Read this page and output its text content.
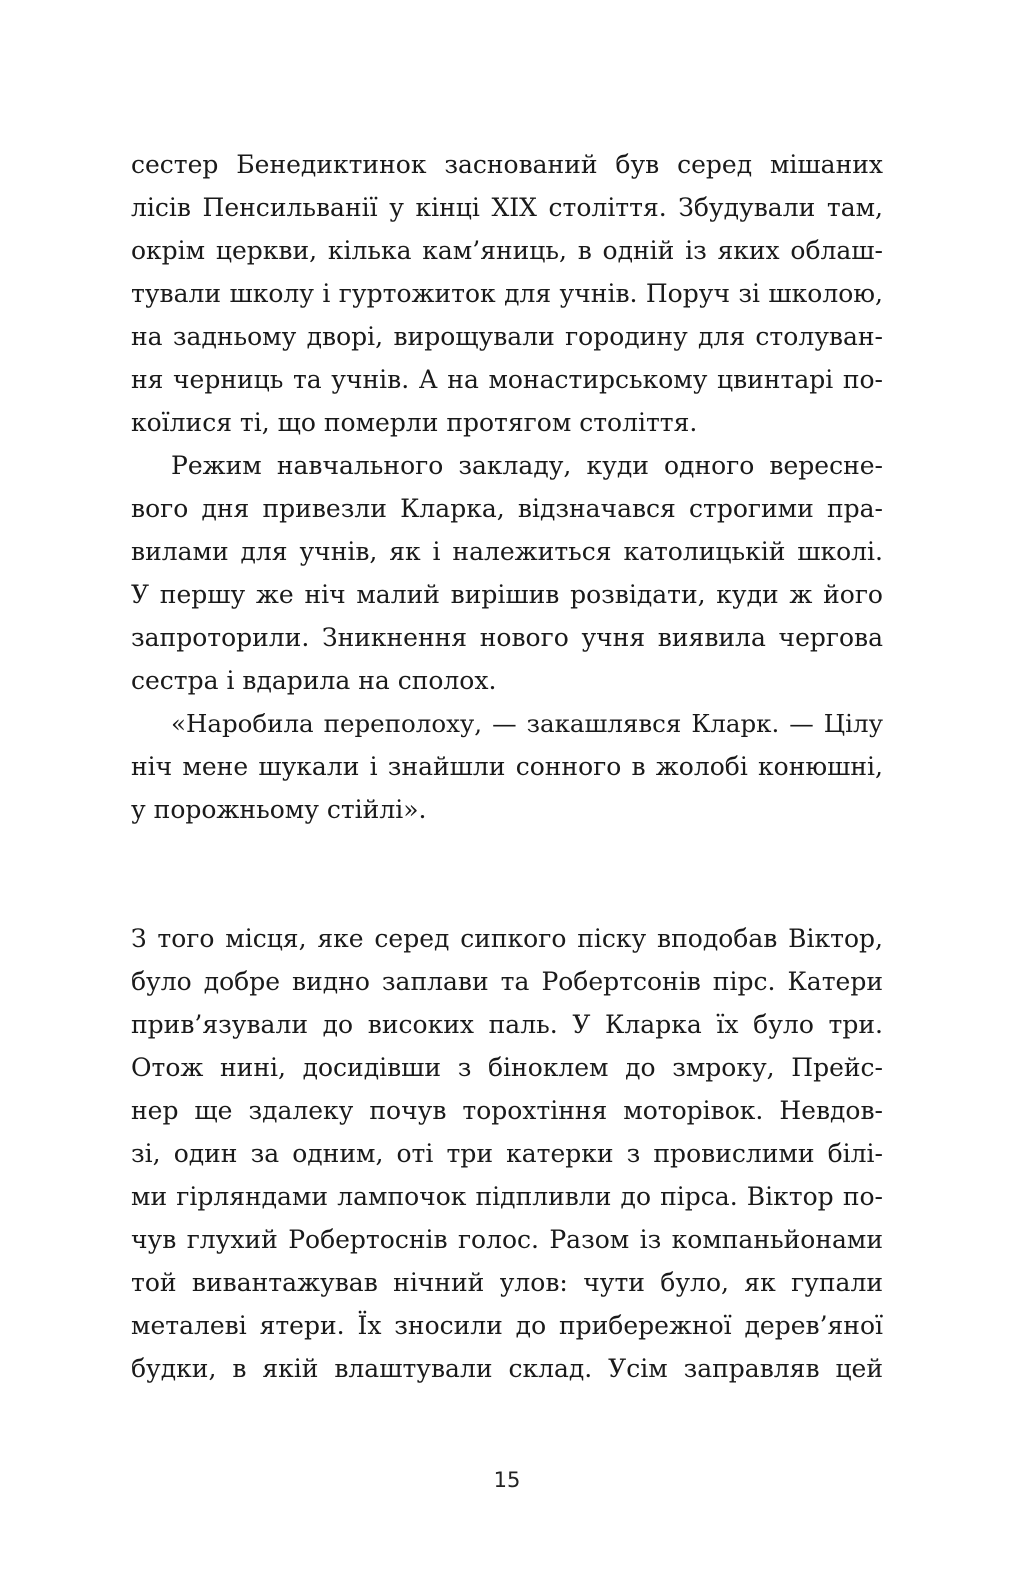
сестер Бенедиктинок заснований був серед мішаних
лісів Пенсильванії у кінці XIX століття. Збудували там,
окрім церкви, кілька кам’яниць, в одній із яких облаш-
тували школу і гуртожиток для учнів. Поруч зі школою,
на задньому дворі, вирощували городину для столуван-
ня черниць та учнів. А на монастирському цвинтарі по-
коїлися ті, що померли протягом століття.
Режим навчального закладу, куди одного вересне-
вого дня привезли Кларка, відзначався строгими пра-
вилами для учнів, як і належиться католицькій школі.
У першу же ніч малий вирішив розвідати, куди ж його
запроторили. Зникнення нового учня виявила чергова
сестра і вдарила на сполох.
«Наробила переполоху, — закашлявся Кларк. — Цілу
ніч мене шукали і знайшли сонного в жолобі конюшні,
у порожньому стійлі».
З того місця, яке серед сипкого піску вподобав Віктор,
було добре видно заплави та Робертсонів пірс. Катери
прив’язували до високих паль. У Кларка їх було три.
Отож нині, досидівши з біноклем до змроку, Прейс-
нер ще здалеку почув торохтіння моторівок. Невдов-
зі, один за одним, оті три катерки з провислими білі-
ми гірляндами лампочок підпливли до пірса. Віктор по-
чув глухий Робертоснів голос. Разом із компаньйонами
той вивантажував нічний улов: чути було, як гупали
металеві ятери. Їх зносили до прибережної дерев’яної
будки, в якій влаштували склад. Усім заправляв цей
15
